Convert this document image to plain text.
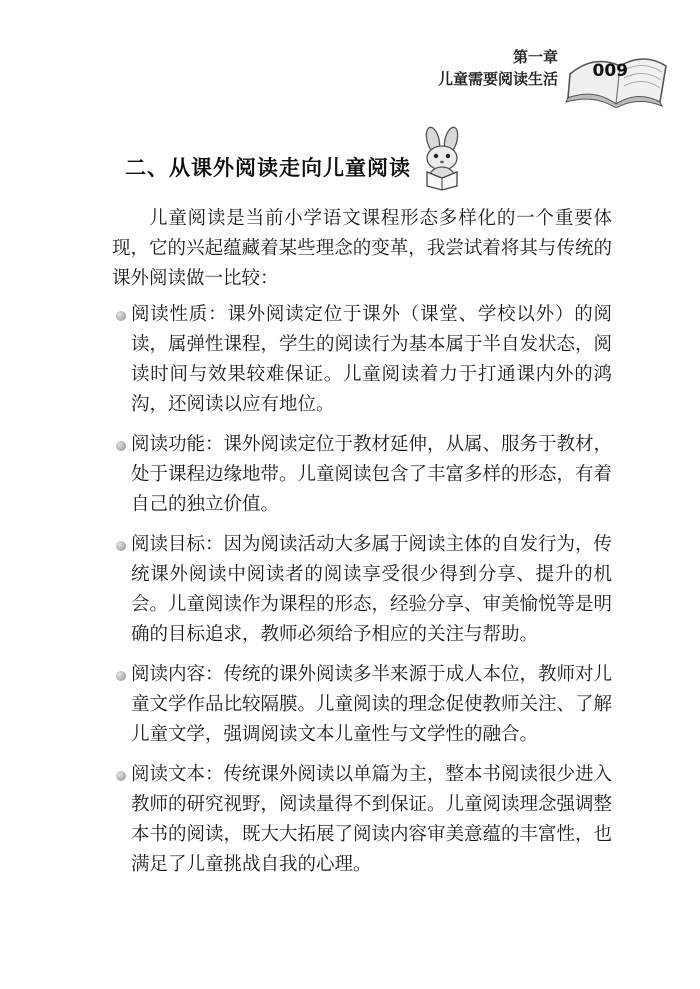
第一章
儿童需要阅读生活 009
二、从课外阅读走向儿童阅读

儿童阅读是当前小学语文课程形态多样化的一个重要体现，它的兴起蕴藏着某些理念的变革，我尝试着将其与传统的课外阅读做一比较：

阅读性质：课外阅读定位于课外（课堂、学校以外）的阅读，属弹性课程，学生的阅读行为基本属于半自发状态，阅读时间与效果较难保证。儿童阅读着力于打通课内外的鸿沟，还阅读以应有地位。
阅读功能：课外阅读定位于教材延伸，从属、服务于教材，处于课程边缘地带。儿童阅读包含了丰富多样的形态，有着自己的独立价值。
阅读目标：因为阅读活动大多属于阅读主体的自发行为，传统课外阅读中阅读者的阅读享受很少得到分享、提升的机会。儿童阅读作为课程的形态，经验分享、审美愉悦等是明确的目标追求，教师必须给予相应的关注与帮助。
阅读内容：传统的课外阅读多半来源于成人本位，教师对儿童文学作品比较隔膜。儿童阅读的理念促使教师关注、了解儿童文学，强调阅读文本儿童性与文学性的融合。
阅读文本：传统课外阅读以单篇为主，整本书阅读很少进入教师的研究视野，阅读量得不到保证。儿童阅读理念强调整本书的阅读，既大大拓展了阅读内容审美意蕴的丰富性，也满足了儿童挑战自我的心理。
